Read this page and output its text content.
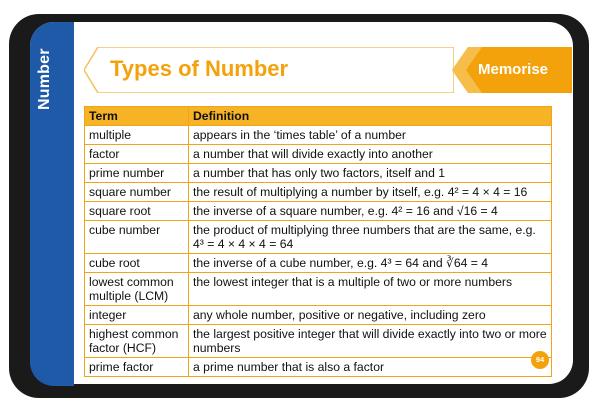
Number	Types of Number	Memorise
Term	Definition
multiple	appears in the ‘times table’ of a number
factor	a number that will divide exactly into another
prime number	a number that has only two factors, itself and 1
square number	the result of multiplying a number by itself, e.g. 4² = 4 × 4 = 16
square root	the inverse of a square number, e.g. 4² = 16 and √16 = 4
cube number	the product of multiplying three numbers that are the same, e.g. 4³ = 4 × 4 × 4 = 64
cube root	the inverse of a cube number, e.g. 4³ = 64 and ∛64 = 4
lowest common multiple (LCM)	the lowest integer that is a multiple of two or more numbers
integer	any whole number, positive or negative, including zero
highest common factor (HCF)	the largest positive integer that will divide exactly into two or more numbers
prime factor	a prime number that is also a factor
94
